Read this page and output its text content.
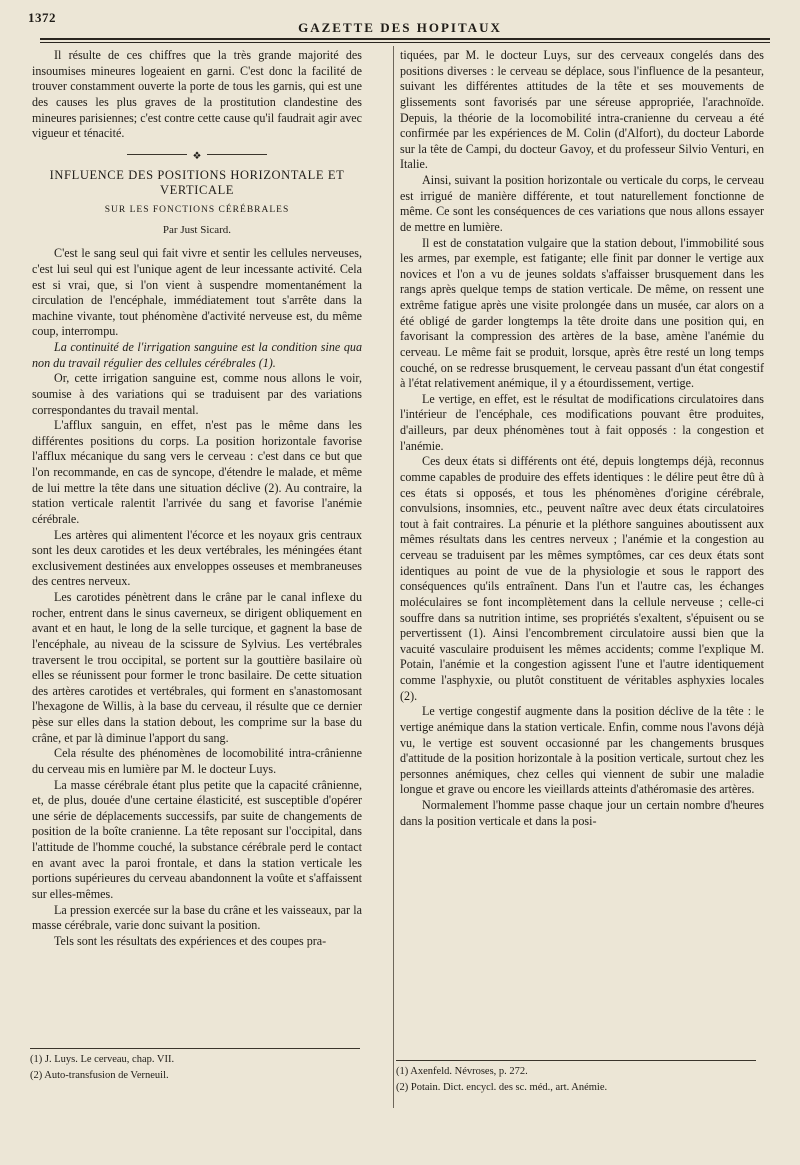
1372
GAZETTE DES HOPITAUX

Il résulte de ces chiffres que la très grande majorité des insoumises mineures logeaient en garni. C'est donc la facilité de trouver constamment ouverte la porte de tous les garnis, qui est une des causes les plus graves de la prostitution clandestine des mineures parisiennes; c'est contre cette cause qu'il faudrait agir avec vigueur et ténacité.

❖
INFLUENCE DES POSITIONS HORIZONTALE ET VERTICALE
SUR LES FONCTIONS CÉRÉBRALES
Par Just Sicard.

C'est le sang seul qui fait vivre et sentir les cellules nerveuses, c'est lui seul qui est l'unique agent de leur incessante activité. Cela est si vrai, que, si l'on vient à suspendre momentanément la circulation de l'encéphale, immédiatement tout s'arrête dans la machine vivante, tout phénomène d'activité nerveuse est, du même coup, interrompu.

La continuité de l'irrigation sanguine est la condition sine qua non du travail régulier des cellules cérébrales (1).

Or, cette irrigation sanguine est, comme nous allons le voir, soumise à des variations qui se traduisent par des variations correspondantes du travail mental.

L'afflux sanguin, en effet, n'est pas le même dans les différentes positions du corps. La position horizontale favorise l'afflux mécanique du sang vers le cerveau : c'est dans ce but que l'on recommande, en cas de syncope, d'étendre le malade, et même de lui mettre la tête dans une situation déclive (2). Au contraire, la station verticale ralentit l'arrivée du sang et favorise l'anémie cérébrale.

Les artères qui alimentent l'écorce et les noyaux gris centraux sont les deux carotides et les deux vertébrales, les méningées étant exclusivement destinées aux enveloppes osseuses et membraneuses des centres nerveux.

Les carotides pénètrent dans le crâne par le canal inflexe du rocher, entrent dans le sinus caverneux, se dirigent obliquement en avant et en haut, le long de la selle turcique, et gagnent la base de l'encéphale, au niveau de la scissure de Sylvius. Les vertébrales traversent le trou occipital, se portent sur la gouttière basilaire où elles se réunissent pour former le tronc basilaire. De cette situation des artères carotides et vertébrales, qui forment en s'anastomosant l'hexagone de Willis, à la base du cerveau, il résulte que ce dernier pèse sur elles dans la station debout, les comprime sur la base du crâne, et par là diminue l'apport du sang.

Cela résulte des phénomènes de locomobilité intra-crânienne du cerveau mis en lumière par M. le docteur Luys.

La masse cérébrale étant plus petite que la capacité crânienne, et, de plus, douée d'une certaine élasticité, est susceptible d'opérer une série de déplacements successifs, par suite de changements de position de la boîte cranienne. La tête reposant sur l'occipital, dans l'attitude de l'homme couché, la substance cérébrale perd le contact en avant avec la paroi frontale, et dans la station verticale les portions supérieures du cerveau abandonnent la voûte et s'affaissent sur elles-mêmes.

La pression exercée sur la base du crâne et les vaisseaux, par la masse cérébrale, varie donc suivant la position.

Tels sont les résultats des expériences et des coupes pra-

(1) J. Luys. Le cerveau, chap. VII.

(2) Auto-transfusion de Verneuil.

tiquées, par M. le docteur Luys, sur des cerveaux congelés dans des positions diverses : le cerveau se déplace, sous l'influence de la pesanteur, suivant les différentes attitudes de la tête et ses mouvements de glissements sont favorisés par une séreuse appropriée, l'arachnoïde. Depuis, la théorie de la locomobilité intra-cranienne du cerveau a été confirmée par les expériences de M. Colin (d'Alfort), du docteur Laborde sur la tête de Campi, du docteur Gavoy, et du professeur Silvio Venturi, en Italie.

Ainsi, suivant la position horizontale ou verticale du corps, le cerveau est irrigué de manière différente, et tout naturellement fonctionne de même. Ce sont les conséquences de ces variations que nous allons essayer de mettre en lumière.

Il est de constatation vulgaire que la station debout, l'immobilité sous les armes, par exemple, est fatigante; elle finit par donner le vertige aux novices et l'on a vu de jeunes soldats s'affaisser brusquement dans les rangs après quelque temps de station verticale. De même, on ressent une extrême fatigue après une visite prolongée dans un musée, car alors on a été obligé de garder longtemps la tête droite dans une position qui, en favorisant la compression des artères de la base, amène l'anémie du cerveau. Le même fait se produit, lorsque, après être resté un long temps couché, on se redresse brusquement, le cerveau passant d'un état congestif à l'état relativement anémique, il y a étourdissement, vertige.

Le vertige, en effet, est le résultat de modifications circulatoires dans l'intérieur de l'encéphale, ces modifications pouvant être produites, d'ailleurs, par deux phénomènes tout à fait opposés : la congestion et l'anémie.

Ces deux états si différents ont été, depuis longtemps déjà, reconnus comme capables de produire des effets identiques : le délire peut être dû à ces états si opposés, et tous les phénomènes d'origine cérébrale, convulsions, insomnies, etc., peuvent naître avec deux états circulatoires tout à fait contraires. La pénurie et la pléthore sanguines aboutissent aux mêmes résultats dans les centres nerveux ; l'anémie et la congestion au cerveau se traduisent par les mêmes symptômes, car ces deux états sont identiques au point de vue de la physiologie et sous le rapport des conséquences qu'ils entraînent. Dans l'un et l'autre cas, les échanges moléculaires se font incomplètement dans la cellule nerveuse ; celle-ci souffre dans sa nutrition intime, ses propriétés s'exaltent, s'épuisent ou se pervertissent (1). Ainsi l'encombrement circulatoire aussi bien que la vacuité vasculaire produisent les mêmes accidents; comme l'explique M. Potain, l'anémie et la congestion agissent l'une et l'autre identiquement comme l'asphyxie, ou plutôt constituent de véritables asphyxies locales (2).

Le vertige congestif augmente dans la position déclive de la tête : le vertige anémique dans la station verticale. Enfin, comme nous l'avons déjà vu, le vertige est souvent occasionné par les changements brusques d'attitude de la position horizontale à la position verticale, surtout chez les personnes anémiques, chez celles qui viennent de subir une maladie longue et grave ou encore les vieillards atteints d'athéromasie des artères.

Normalement l'homme passe chaque jour un certain nombre d'heures dans la position verticale et dans la posi-

(1) Axenfeld. Névroses, p. 272.

(2) Potain. Dict. encycl. des sc. méd., art. Anémie.
